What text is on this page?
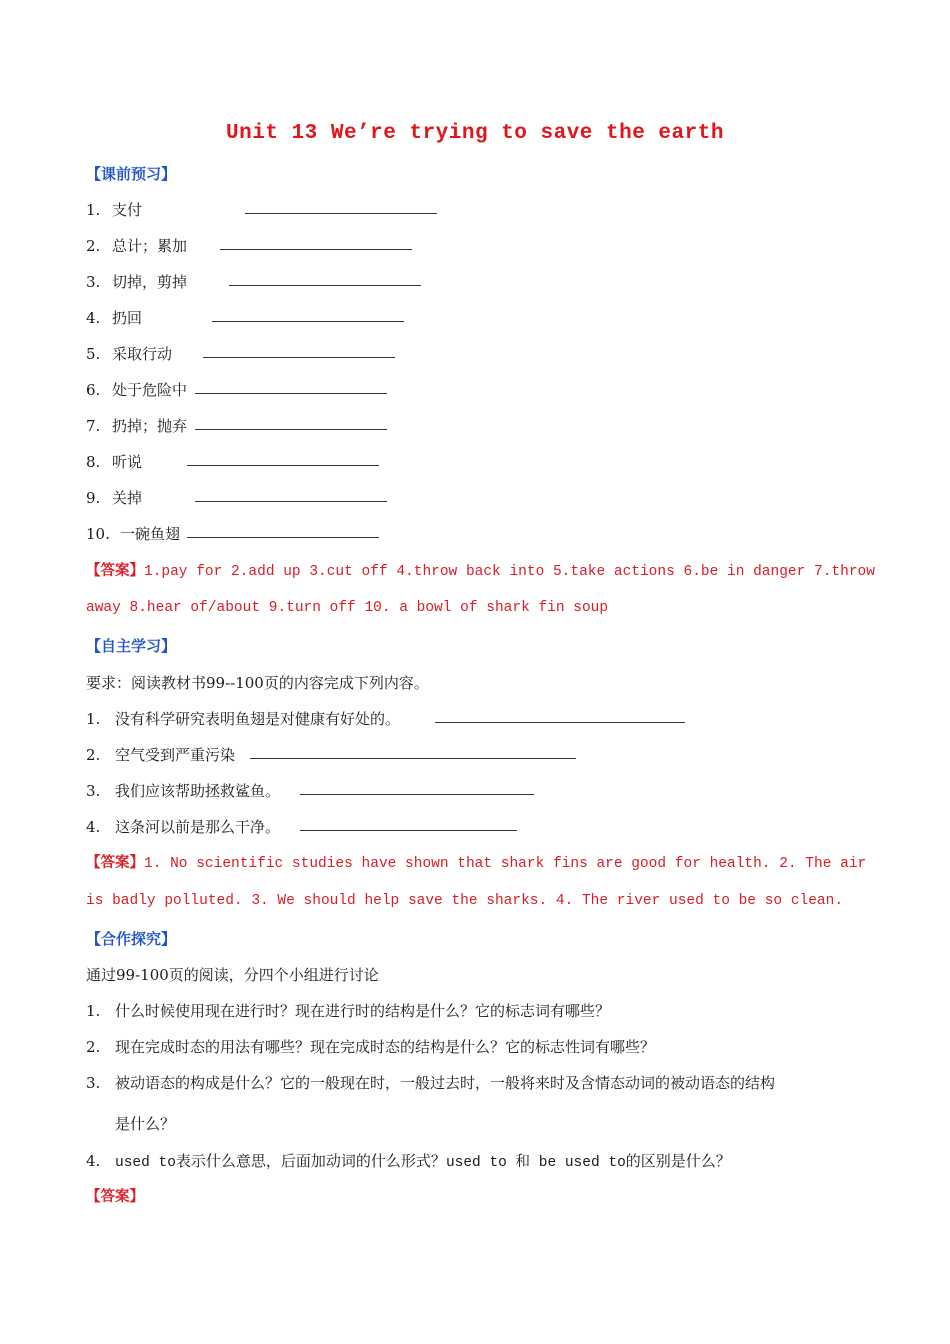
Unit 13 We’re trying to save the earth
【课前预习】
1. 支付
2. 总计；累加
3. 切掉，剪掉
4. 扔回
5. 采取行动
6. 处于危险中
7. 扔掉；抛弃
8. 听说
9. 关掉
10. 一碗鱼翅
【答案】1.pay for 2.add up 3.cut off 4.throw back into 5.take actions 6.be in danger 7.throw
away 8.hear of/about 9.turn off 10. a bowl of shark fin soup
【自主学习】
要求：阅读教材书99--100页的内容完成下列内容。
1. 没有科学研究表明鱼翅是对健康有好处的。
2. 空气受到严重污染
3. 我们应该帮助拯救鲨鱼。
4. 这条河以前是那么干净。
【答案】1. No scientific studies have shown that shark fins are good for health. 2. The air
is badly polluted. 3. We should help save the sharks. 4. The river used to be so clean.
【合作探究】
通过99-100页的阅读，分四个小组进行讨论
1. 什么时候使用现在进行时？现在进行时的结构是什么？它的标志词有哪些？
2. 现在完成时态的用法有哪些？现在完成时态的结构是什么？它的标志性词有哪些？
3. 被动语态的构成是什么？它的一般现在时，一般过去时，一般将来时及含情态动词的被动语态的结构
是什么？
4. used to表示什么意思，后面加动词的什么形式？used to 和 be used to的区别是什么？
【答案】
